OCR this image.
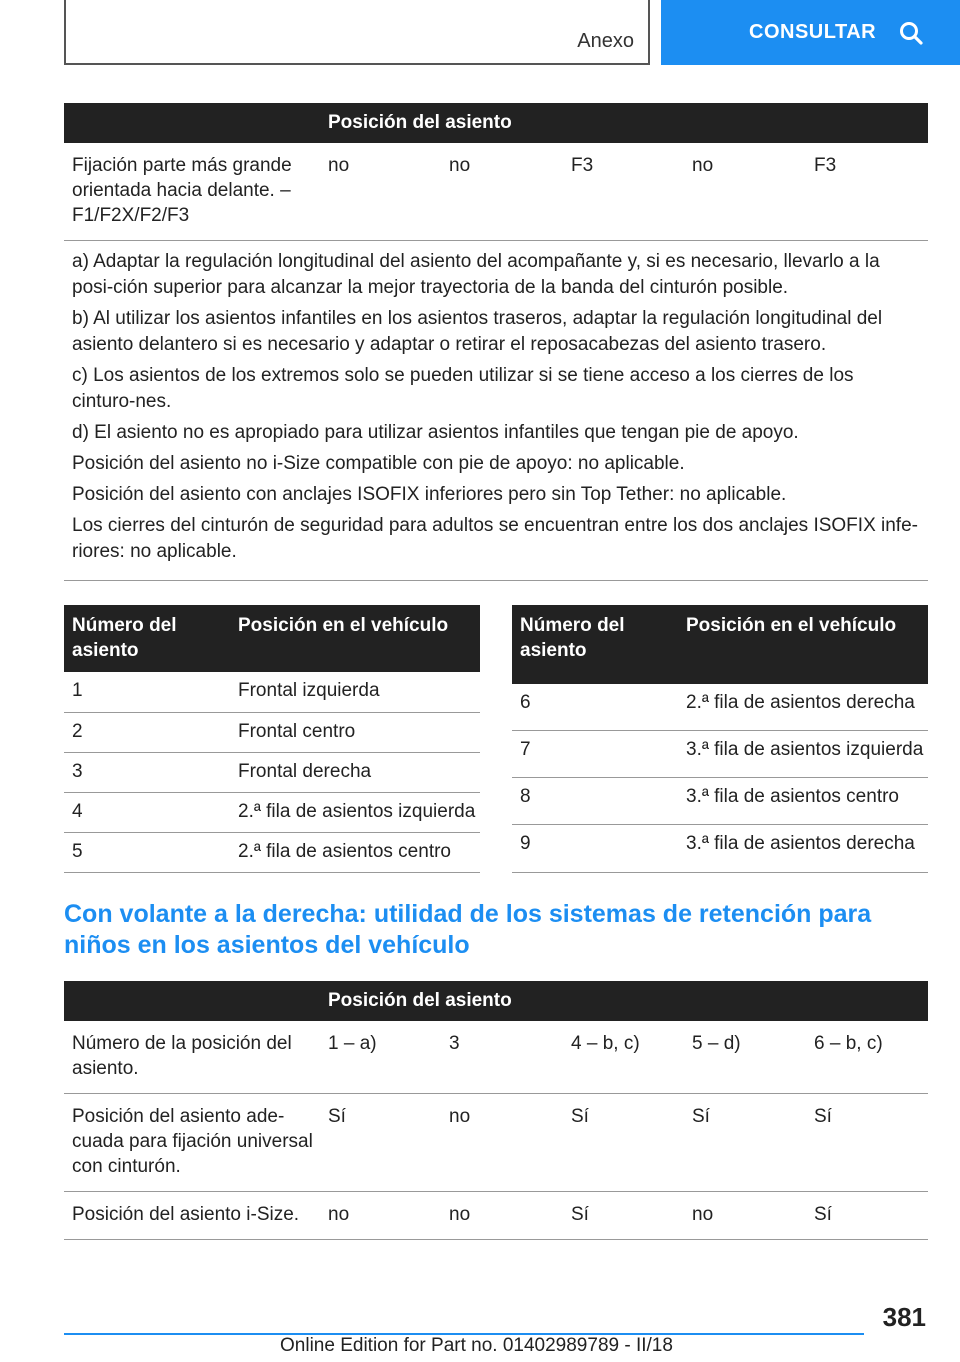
Anexo	CONSULTAR
Posición del asiento
Fijación parte más grande orientada hacia delante. – F1/F2X/F2/F3	no	no	F3	no	F3

a) Adaptar la regulación longitudinal del asiento del acompañante y, si es necesario, llevarlo a la posi-ción superior para alcanzar la mejor trayectoria de la banda del cinturón posible.

b) Al utilizar los asientos infantiles en los asientos traseros, adaptar la regulación longitudinal del asiento delantero si es necesario y adaptar o retirar el reposacabezas del asiento trasero.

c) Los asientos de los extremos solo se pueden utilizar si se tiene acceso a los cierres de los cinturo-nes.

d) El asiento no es apropiado para utilizar asientos infantiles que tengan pie de apoyo.

Posición del asiento no i-Size compatible con pie de apoyo: no aplicable.

Posición del asiento con anclajes ISOFIX inferiores pero sin Top Tether: no aplicable.

Los cierres del cinturón de seguridad para adultos se encuentran entre los dos anclajes ISOFIX infe-riores: no aplicable.

Número del asiento	Posición en el vehículo
1	Frontal izquierda
2	Frontal centro
3	Frontal derecha
4	2.ª fila de asientos izquierda
5	2.ª fila de asientos centro
Número del asiento	Posición en el vehículo
6	2.ª fila de asientos derecha
7	3.ª fila de asientos izquierda
8	3.ª fila de asientos centro
9	3.ª fila de asientos derecha
Con volante a la derecha: utilidad de los sistemas de retención para niños en los asientos del vehículo
Posición del asiento					
Número de la posición del asiento.	1 – a)	3	4 – b, c)	5 – d)	6 – b, c)
Posición del asiento ade-cuada para fijación universal con cinturón.	Sí	no	Sí	Sí	Sí
Posición del asiento i-Size.	no	no	Sí	no	Sí
381
Online Edition for Part no. 01402989789 - II/18
